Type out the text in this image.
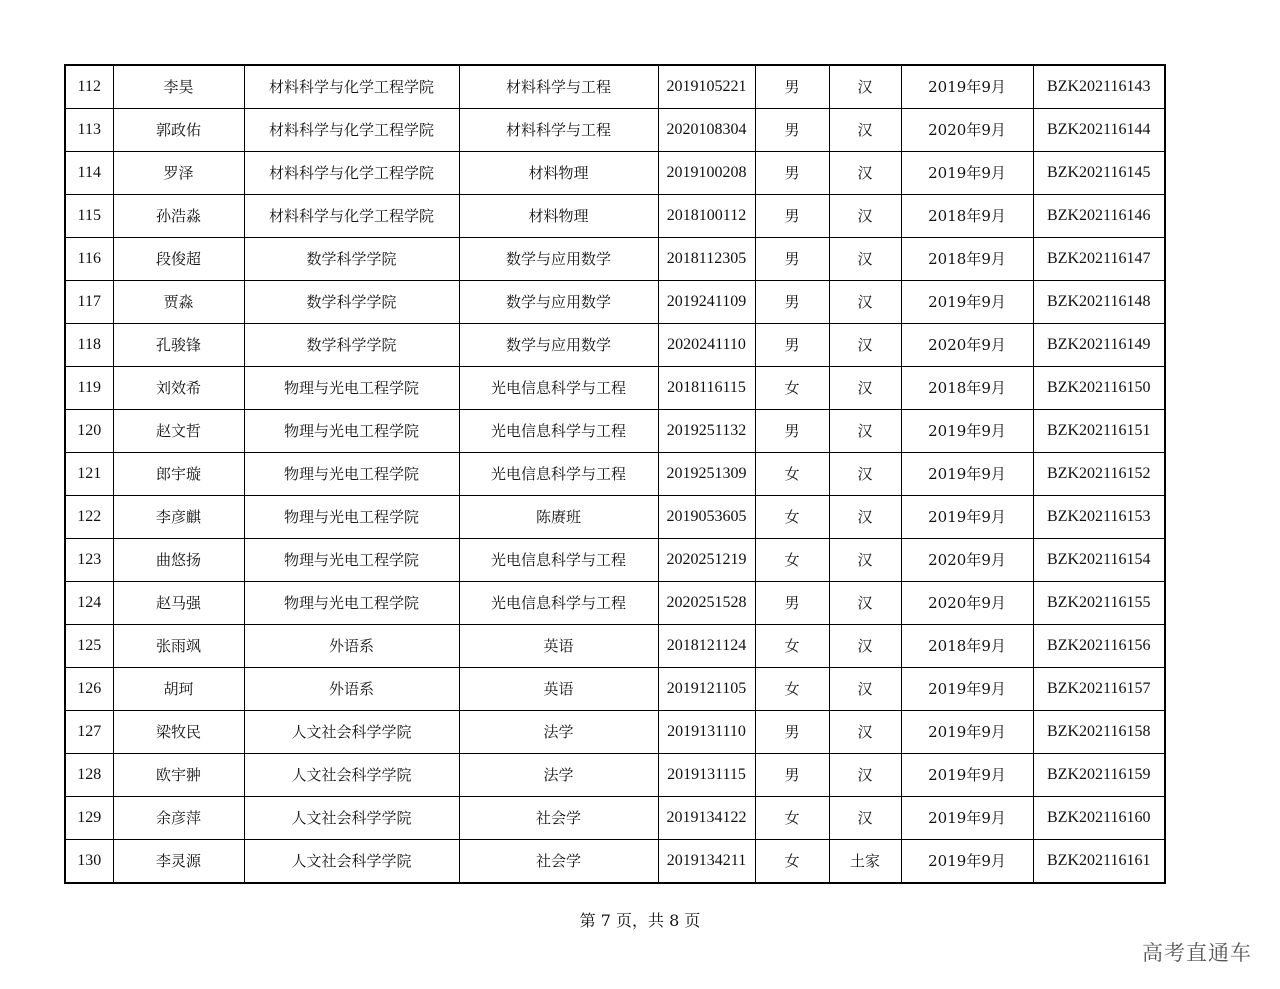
112	李昊	材料科学与化学工程学院	材料科学与工程	2019105221	男	汉	2019年9月	BZK202116143
113	郭政佑	材料科学与化学工程学院	材料科学与工程	2020108304	男	汉	2020年9月	BZK202116144
114	罗泽	材料科学与化学工程学院	材料物理	2019100208	男	汉	2019年9月	BZK202116145
115	孙浩淼	材料科学与化学工程学院	材料物理	2018100112	男	汉	2018年9月	BZK202116146
116	段俊超	数学科学学院	数学与应用数学	2018112305	男	汉	2018年9月	BZK202116147
117	贾淼	数学科学学院	数学与应用数学	2019241109	男	汉	2019年9月	BZK202116148
118	孔骏锋	数学科学学院	数学与应用数学	2020241110	男	汉	2020年9月	BZK202116149
119	刘效希	物理与光电工程学院	光电信息科学与工程	2018116115	女	汉	2018年9月	BZK202116150
120	赵文哲	物理与光电工程学院	光电信息科学与工程	2019251132	男	汉	2019年9月	BZK202116151
121	郎宇璇	物理与光电工程学院	光电信息科学与工程	2019251309	女	汉	2019年9月	BZK202116152
122	李彦麒	物理与光电工程学院	陈赓班	2019053605	女	汉	2019年9月	BZK202116153
123	曲悠扬	物理与光电工程学院	光电信息科学与工程	2020251219	女	汉	2020年9月	BZK202116154
124	赵马强	物理与光电工程学院	光电信息科学与工程	2020251528	男	汉	2020年9月	BZK202116155
125	张雨飒	外语系	英语	2018121124	女	汉	2018年9月	BZK202116156
126	胡珂	外语系	英语	2019121105	女	汉	2019年9月	BZK202116157
127	梁牧民	人文社会科学学院	法学	2019131110	男	汉	2019年9月	BZK202116158
128	欧宇翀	人文社会科学学院	法学	2019131115	男	汉	2019年9月	BZK202116159
129	余彦萍	人文社会科学学院	社会学	2019134122	女	汉	2019年9月	BZK202116160
130	李灵源	人文社会科学学院	社会学	2019134211	女	土家	2019年9月	BZK202116161
第 7 页，共 8 页
高考直通车
